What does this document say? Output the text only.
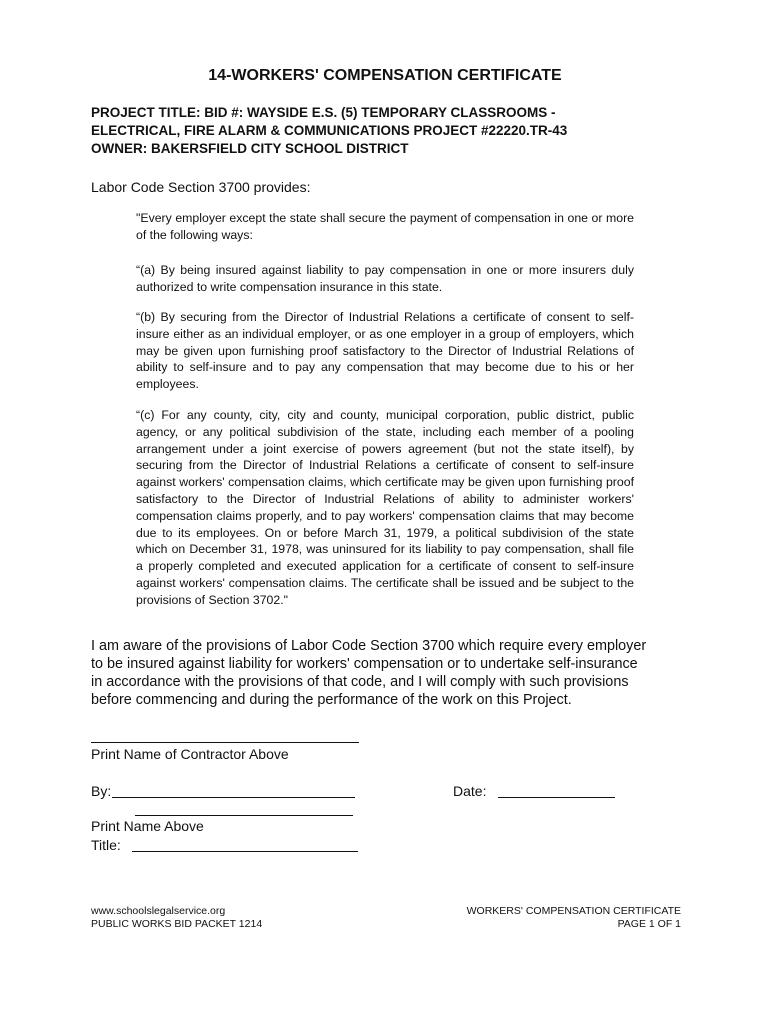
14-WORKERS' COMPENSATION CERTIFICATE
PROJECT TITLE: BID #: WAYSIDE E.S. (5) TEMPORARY CLASSROOMS -
ELECTRICAL, FIRE ALARM & COMMUNICATIONS PROJECT #22220.TR-43
OWNER: BAKERSFIELD CITY SCHOOL DISTRICT
Labor Code Section 3700 provides:
"Every employer except the state shall secure the payment of compensation in one or more of the following ways:
“(a) By being insured against liability to pay compensation in one or more insurers duly authorized to write compensation insurance in this state.
“(b) By securing from the Director of Industrial Relations a certificate of consent to self-insure either as an individual employer, or as one employer in a group of employers, which may be given upon furnishing proof satisfactory to the Director of Industrial Relations of ability to self-insure and to pay any compensation that may become due to his or her employees.
“(c) For any county, city, city and county, municipal corporation, public district, public agency, or any political subdivision of the state, including each member of a pooling arrangement under a joint exercise of powers agreement (but not the state itself), by securing from the Director of Industrial Relations a certificate of consent to self-insure against workers' compensation claims, which certificate may be given upon furnishing proof satisfactory to the Director of Industrial Relations of ability to administer workers' compensation claims properly, and to pay workers' compensation claims that may become due to its employees. On or before March 31, 1979, a political subdivision of the state which on December 31, 1978, was uninsured for its liability to pay compensation, shall file a properly completed and executed application for a certificate of consent to self-insure against workers' compensation claims. The certificate shall be issued and be subject to the provisions of Section 3702."
I am aware of the provisions of Labor Code Section 3700 which require every employer
to be insured against liability for workers' compensation or to undertake self-insurance
in accordance with the provisions of that code, and I will comply with such provisions
before commencing and during the performance of the work on this Project.
Print Name of Contractor Above
By:	Date:
Print Name Above
Title:
www.schoolslegalservice.org
PUBLIC WORKS BID PACKET 1214
WORKERS' COMPENSATION CERTIFICATE
PAGE 1 OF 1
